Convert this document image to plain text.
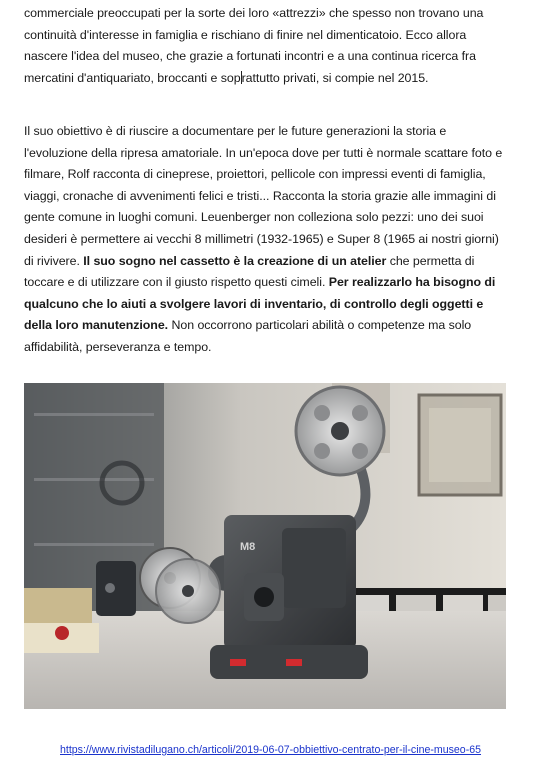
commerciale preoccupati per la sorte dei loro «attrezzi» che spesso non trovano una
continuità d'interesse in famiglia e rischiano di finire nel dimenticatoio. Ecco allora
nascere l'idea del museo, che grazie a fortunati incontri e a una continua ricerca fra
mercatini d'antiquariato, broccanti e soprattutto privati, si compie nel 2015.
Il suo obiettivo è di riuscire a documentare per le future generazioni la storia e
l'evoluzione della ripresa amatoriale. In un'epoca dove per tutti è normale scattare foto e
filmare, Rolf racconta di cineprese, proiettori, pellicole con impressi eventi di famiglia,
viaggi, cronache di avvenimenti felici e tristi... Racconta la storia grazie alle immagini di
gente comune in luoghi comuni. Leuenberger non colleziona solo pezzi: uno dei suoi
desideri è permettere ai vecchi 8 millimetri (1932-1965) e Super 8 (1965 ai nostri giorni)
di rivivere. Il suo sogno nel cassetto è la creazione di un atelier che permetta di
toccare e di utilizzare con il giusto rispetto questi cimeli. Per realizzarlo ha bisogno di
qualcuno che lo aiuti a svolgere lavori di inventario, di controllo degli oggetti e
della loro manutenzione. Non occorrono particolari abilità o competenze ma solo
affidabilità, perseveranza e tempo.
M8
https://www.rivistadilugano.ch/articoli/2019-06-07-obbiettivo-centrato-per-il-cine-museo-65
